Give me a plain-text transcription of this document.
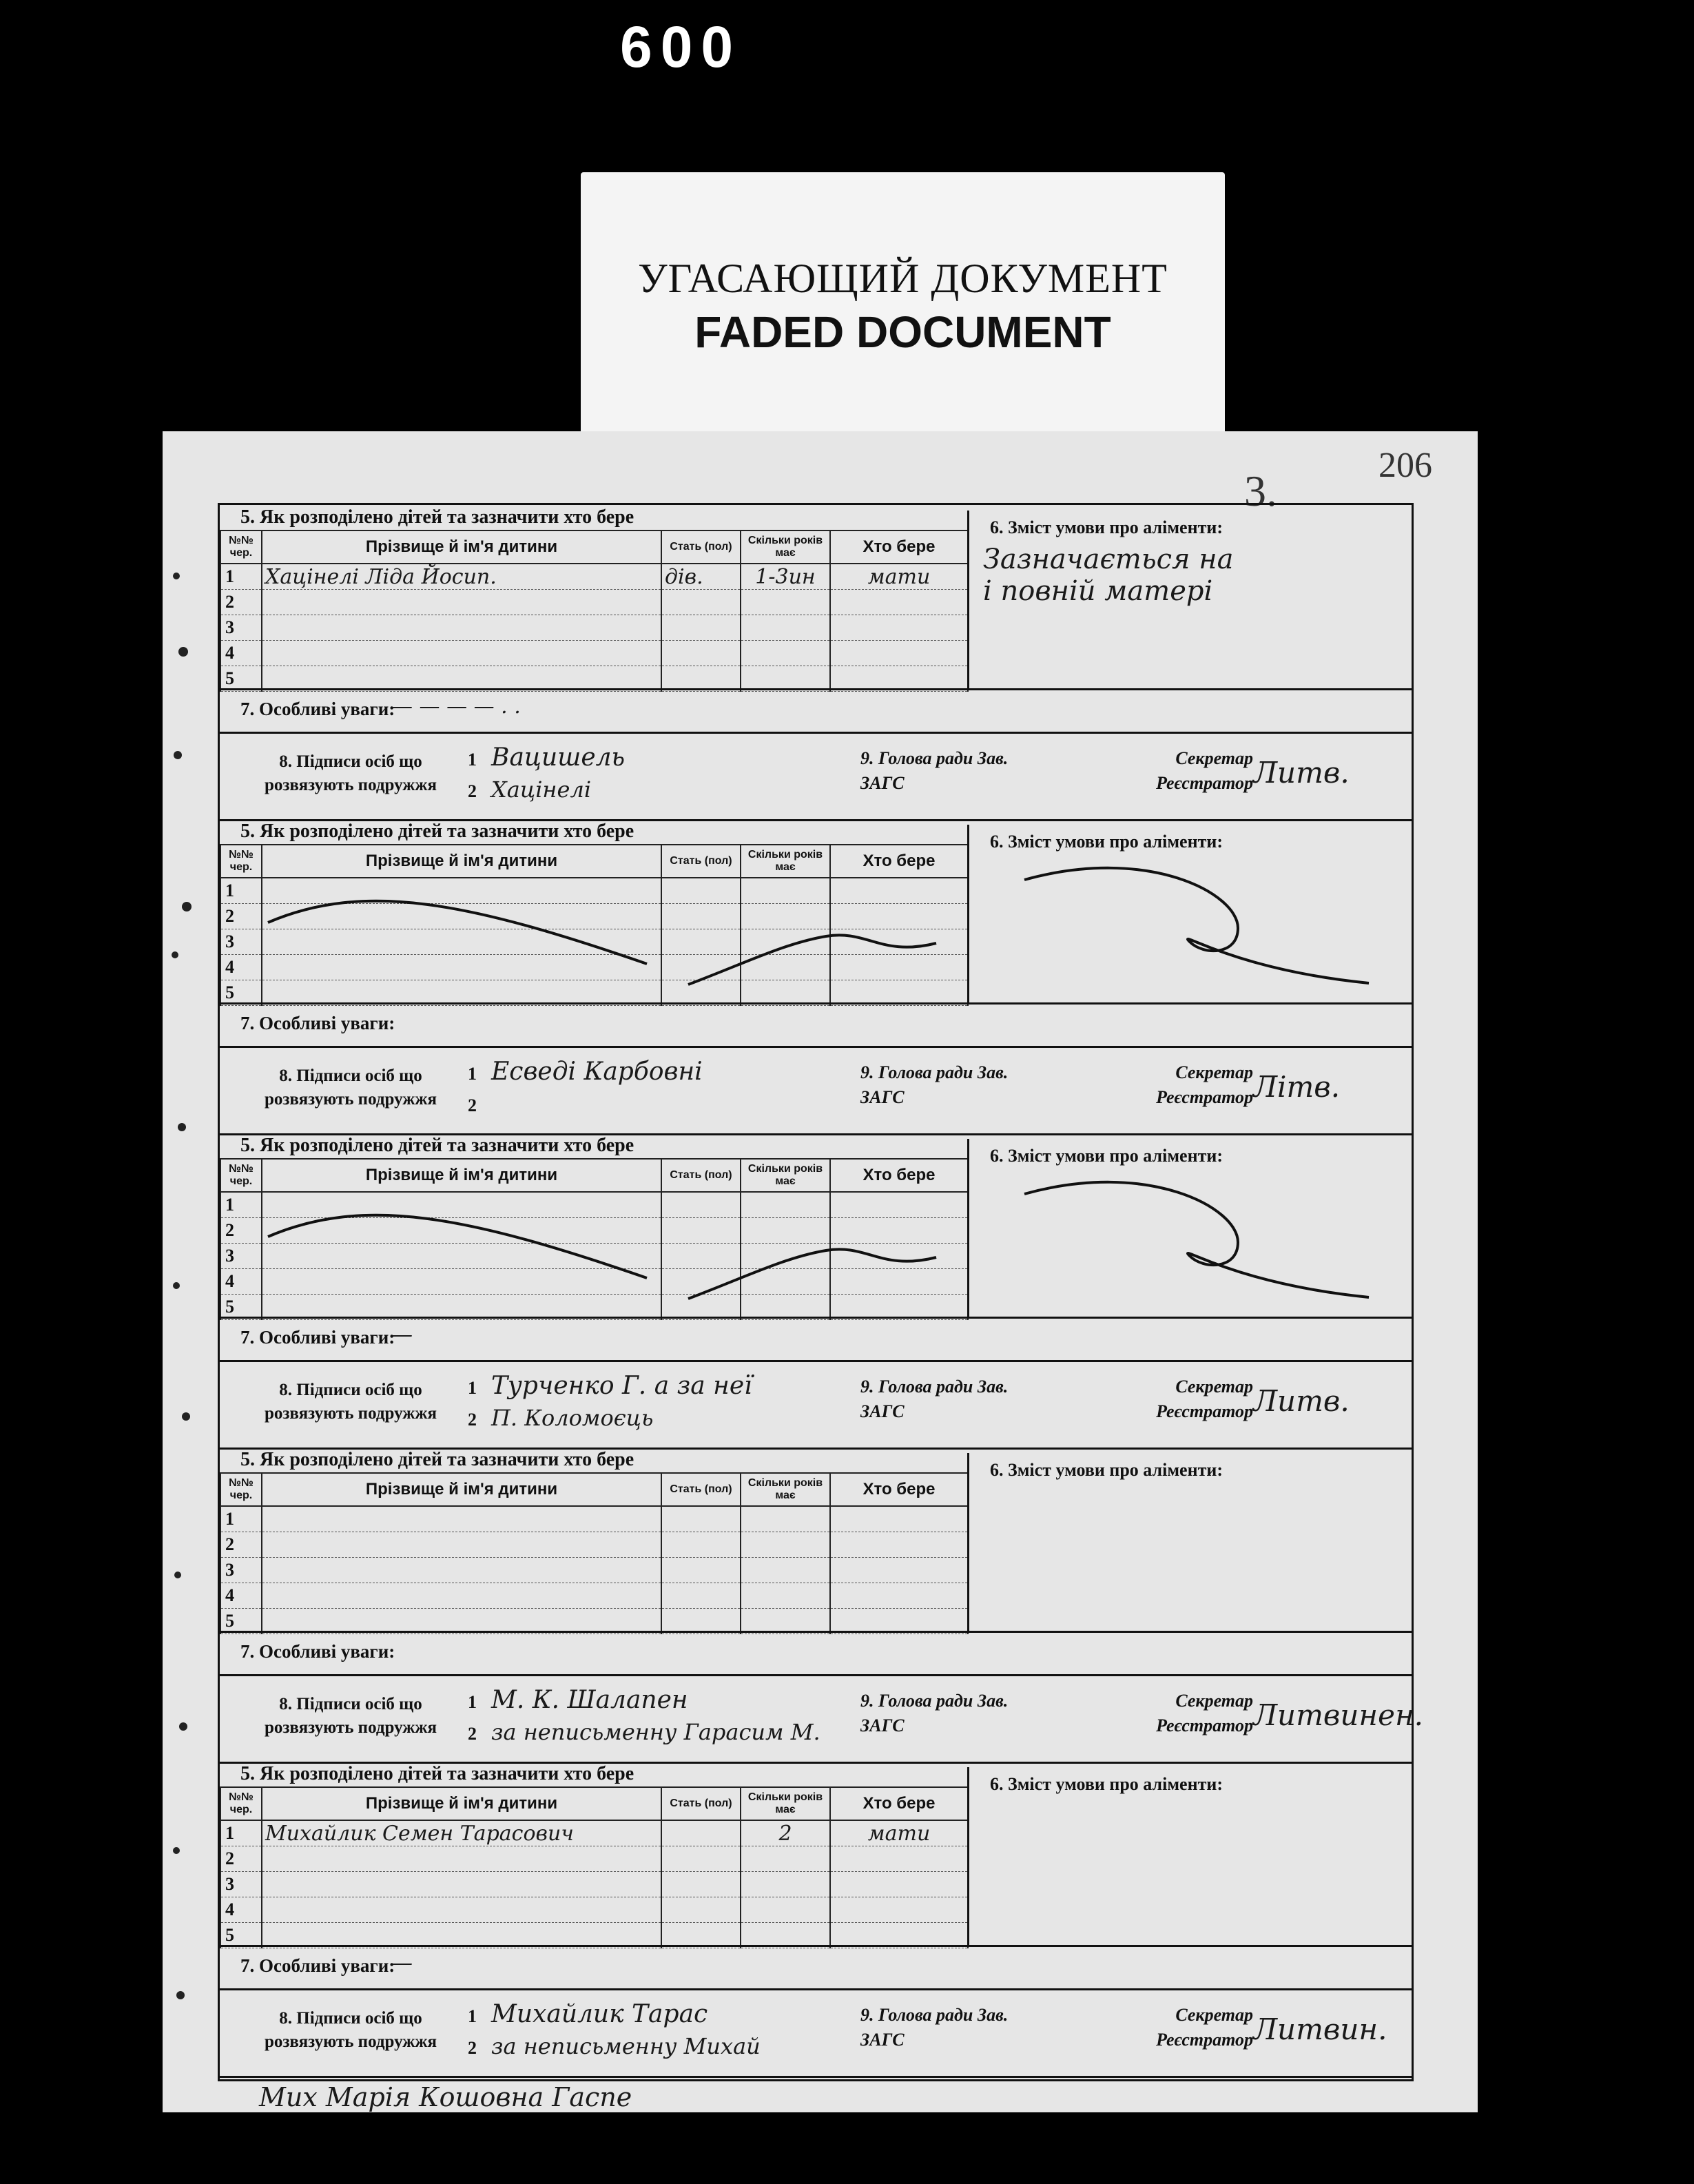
600
УГАСАЮЩИЙ ДОКУМЕНТ
FADED DOCUMENT
3.
206
5. Як розподілено дітей та зазначити хто бере
№№ чер.	Прізвище й ім'я дитини	Стать (пол)	Скільки років має	Хто бере
1	Хацінелі Ліда Йосип.	дів.	1-3ин	мати
2				
3				
4				
5				
6. Зміст умови про аліменти:
Зазначається на
і повній матері
7. Особливі уваги:
— — — — . .
8. Підписи осіб що розвязують подружжя
1 Вацишель
2 Хацінелі
9. Голова ради Зав. ЗАГС
Секретар Реєстратор Литв.
5. Як розподілено дітей та зазначити хто бере
№№ чер.	Прізвище й ім'я дитини	Стать (пол)	Скільки років має	Хто бере
1				
2				
3				
4				
5				
6. Зміст умови про аліменти:
7. Особливі уваги:
8. Підписи осіб що розвязують подружжя
1 Есведі Карбовні
2
9. Голова ради Зав. ЗАГС
Секретар Реєстратор Літв.
5. Як розподілено дітей та зазначити хто бере
№№ чер.	Прізвище й ім'я дитини	Стать (пол)	Скільки років має	Хто бере
1				
2				
3				
4				
5				
6. Зміст умови про аліменти:
7. Особливі уваги:
—
8. Підписи осіб що розвязують подружжя
1 Турченко Г. а за неї
2 П. Коломоєць
9. Голова ради Зав. ЗАГС
Секретар Реєстратор Литв.
5. Як розподілено дітей та зазначити хто бере
№№ чер.	Прізвище й ім'я дитини	Стать (пол)	Скільки років має	Хто бере
1				
2				
3				
4				
5				
6. Зміст умови про аліменти:
7. Особливі уваги:
8. Підписи осіб що розвязують подружжя
1 М. К. Шалапен
2 за неписьменну Гарасим М.
9. Голова ради Зав. ЗАГС
Секретар Реєстратор Литвинен.
5. Як розподілено дітей та зазначити хто бере
№№ чер.	Прізвище й ім'я дитини	Стать (пол)	Скільки років має	Хто бере
1	Михайлик Семен Тарасович		2	мати
2				
3				
4				
5				
6. Зміст умови про аліменти:
7. Особливі уваги:
—
8. Підписи осіб що розвязують подружжя
1 Михайлик Тарас
2 за неписьменну Михай
9. Голова ради Зав. ЗАГС
Секретар Реєстратор Литвин.
Мих Марія Кошовна Гаспе
